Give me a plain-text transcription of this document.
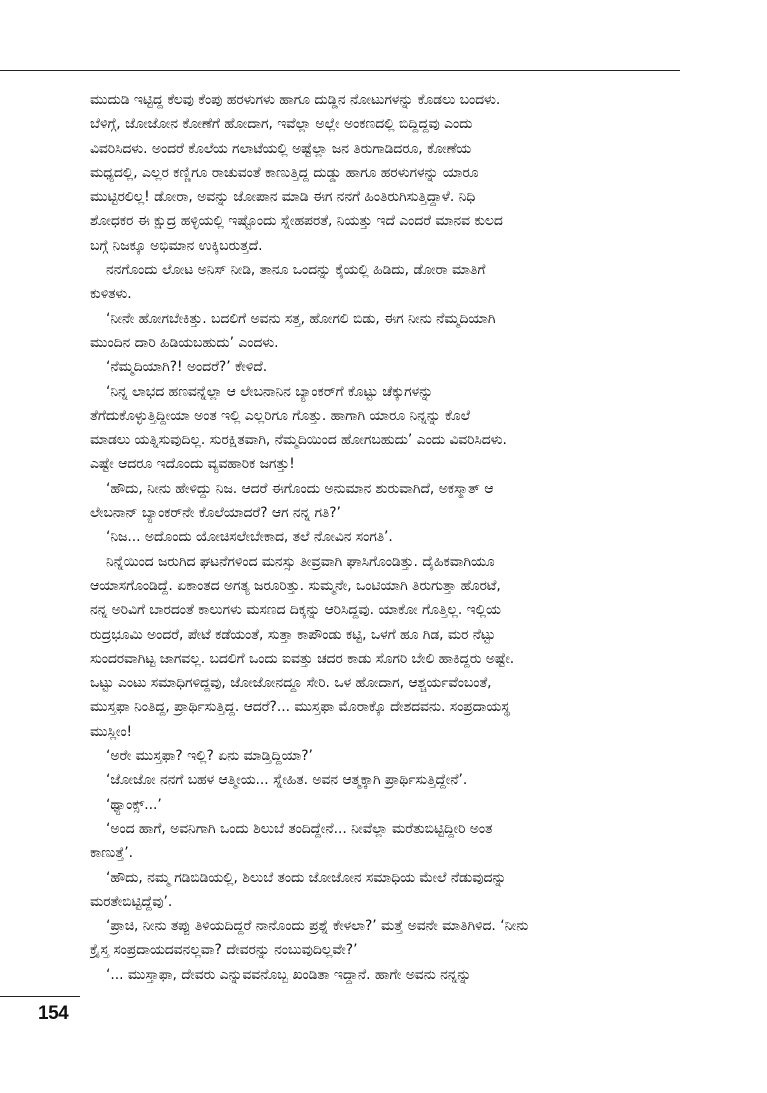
ಮುದುಡಿ ಇಟ್ಟಿದ್ದ ಕೆಲವು ಕೆಂಪು ಹರಳುಗಳು ಹಾಗೂ ದುಡ್ಡಿನ ನೋಟುಗಳನ್ನು ಕೊಡಲು ಬಂದಳು.
ಬೆಳಿಗ್ಗೆ, ಜೋಜೋನ ಕೋಣೆಗೆ ಹೋದಾಗ, ಇವೆಲ್ಲಾ ಅಲ್ಲೇ ಅಂಕಣದಲ್ಲಿ ಬಿದ್ದಿದ್ದವು ಎಂದು
ವಿವರಿಸಿದಳು. ಅಂದರೆ ಕೊಲೆಯ ಗಲಾಟೆಯಲ್ಲಿ ಅಷ್ಟೆಲ್ಲಾ ಜನ ತಿರುಗಾಡಿದರೂ, ಕೋಣೆಯ
ಮಧ್ಯದಲ್ಲಿ, ಎಲ್ಲರ ಕಣ್ಣಿಗೂ ರಾಚುವಂತೆ ಕಾಣುತ್ತಿದ್ದ ದುಡ್ಡು ಹಾಗೂ ಹರಳುಗಳನ್ನು ಯಾರೂ
ಮುಟ್ಟಿರಲಿಲ್ಲ! ಡೋರಾ, ಅವನ್ನು ಜೋಪಾನ ಮಾಡಿ ಈಗ ನನಗೆ ಹಿಂತಿರುಗಿಸುತ್ತಿದ್ದಾಳೆ. ನಿಧಿ
ಶೋಧಕರ ಈ ಕ್ಷುದ್ರ ಹಳ್ಳಿಯಲ್ಲಿ ಇಷ್ಟೊಂದು ಸ್ನೇಹಪರತೆ, ನಿಯತ್ತು ಇದೆ ಎಂದರೆ ಮಾನವ ಕುಲದ
ಬಗ್ಗೆ ನಿಜಕ್ಕೂ ಅಭಿಮಾನ ಉಕ್ಕಿಬರುತ್ತದೆ.
ನನಗೊಂದು ಲೋಟ ಅನಿಸ್ ನೀಡಿ, ತಾನೂ ಒಂದನ್ನು ಕೈಯಲ್ಲಿ ಹಿಡಿದು, ಡೋರಾ ಮಾತಿಗೆ
ಕುಳಿತಳು.
‘ನೀನೇ ಹೋಗಬೇಕಿತ್ತು. ಬದಲಿಗೆ ಅವನು ಸತ್ತ, ಹೋಗಲಿ ಬಿಡು, ಈಗ ನೀನು ನೆಮ್ಮದಿಯಾಗಿ
ಮುಂದಿನ ದಾರಿ ಹಿಡಿಯಬಹುದು’ ಎಂದಳು.
‘ನೆಮ್ಮದಿಯಾಗಿ?! ಅಂದರೆ?’ ಕೇಳಿದೆ.
‘ನಿನ್ನ ಲಾಭದ ಹಣವನ್ನೆಲ್ಲಾ ಆ ಲೇಬನಾನಿನ ಬ್ಯಾಂಕರ್‌ಗೆ ಕೊಟ್ಟು ಚೆಕ್ಕುಗಳನ್ನು
ತೆಗೆದುಕೊಳ್ಳುತ್ತಿದ್ದೀಯಾ ಅಂತ ಇಲ್ಲಿ ಎಲ್ಲರಿಗೂ ಗೊತ್ತು. ಹಾಗಾಗಿ ಯಾರೂ ನಿನ್ನನ್ನು ಕೊಲೆ
ಮಾಡಲು ಯತ್ನಿಸುವುದಿಲ್ಲ. ಸುರಕ್ಷಿತವಾಗಿ, ನೆಮ್ಮದಿಯಿಂದ ಹೋಗಬಹುದು’ ಎಂದು ವಿವರಿಸಿದಳು.
ಎಷ್ಟೇ ಆದರೂ ಇದೊಂದು ವ್ಯವಹಾರಿಕ ಜಗತ್ತು!
‘ಹೌದು, ನೀನು ಹೇಳಿದ್ದು ನಿಜ. ಆದರೆ ಈಗೊಂದು ಅನುಮಾನ ಶುರುವಾಗಿದೆ, ಅಕಸ್ಮಾತ್ ಆ
ಲೇಬನಾನ್ ಬ್ಯಾಂಕರ್‌ನೇ ಕೊಲೆಯಾದರೆ? ಆಗ ನನ್ನ ಗತಿ?’
‘ನಿಜ... ಅದೊಂದು ಯೋಚಿಸಲೇಬೇಕಾದ, ತಲೆ ನೋವಿನ ಸಂಗತಿ’.
ನಿನ್ನೆಯಿಂದ ಜರುಗಿದ ಘಟನೆಗಳಿಂದ ಮನಸ್ಸು ತೀವ್ರವಾಗಿ ಘಾಸಿಗೊಂಡಿತ್ತು. ದೈಹಿಕವಾಗಿಯೂ
ಆಯಾಸಗೊಂಡಿದ್ದೆ. ಏಕಾಂತದ ಅಗತ್ಯ ಜರೂರಿತ್ತು. ಸುಮ್ಮನೇ, ಒಂಟಿಯಾಗಿ ತಿರುಗುತ್ತಾ ಹೊರಟೆ,
ನನ್ನ ಅರಿವಿಗೆ ಬಾರದಂತೆ ಕಾಲುಗಳು ಮಸಣದ ದಿಕ್ಕನ್ನು ಆರಿಸಿದ್ದವು. ಯಾಕೋ ಗೊತ್ತಿಲ್ಲ. ಇಲ್ಲಿಯ
ರುದ್ರಭೂಮಿ ಅಂದರೆ, ಪೇಟೆ ಕಡೆಯಂತೆ, ಸುತ್ತಾ ಕಾಪೌಂಡು ಕಟ್ಟಿ, ಒಳಗೆ ಹೂ ಗಿಡ, ಮರ ನೆಟ್ಟು
ಸುಂದರವಾಗಿಟ್ಟ ಜಾಗವಲ್ಲ. ಬದಲಿಗೆ ಒಂದು ಐವತ್ತು ಚದರ ಕಾಡು ಸೊಗರಿ ಬೇಲಿ ಹಾಕಿದ್ದರು ಅಷ್ಟೇ.
ಒಟ್ಟು ಎಂಟು ಸಮಾಧಿಗಳಿದ್ದವು, ಜೋಜೋನದ್ದೂ ಸೇರಿ. ಒಳ ಹೋದಾಗ, ಆಶ್ಚರ್ಯವೆಂಬಂತೆ,
ಮುಸ್ತಫಾ ನಿಂತಿದ್ದ, ಪ್ರಾರ್ಥಿಸುತ್ತಿದ್ದ. ಆದರೆ?... ಮುಸ್ತಫಾ ಮೊರಾಕ್ಕೊ ದೇಶದವನು. ಸಂಪ್ರದಾಯಸ್ಥ
ಮುಸ್ಲೀಂ!
‘ಅರೇ ಮುಸ್ತಫಾ? ಇಲ್ಲಿ? ಏನು ಮಾಡ್ತಿದ್ದಿಯಾ?’
‘ಜೋಜೋ ನನಗೆ ಬಹಳ ಆತ್ಮೀಯ... ಸ್ನೇಹಿತ. ಅವನ ಆತ್ಮಕ್ಕಾಗಿ ಪ್ರಾರ್ಥಿಸುತ್ತಿದ್ದೇನೆ’.
‘ಥ್ಯಾಂಕ್ಸ್...’
‘ಅಂದ ಹಾಗೆ, ಅವನಿಗಾಗಿ ಒಂದು ಶಿಲುಬೆ ತಂದಿದ್ದೇನೆ... ನೀವೆಲ್ಲಾ ಮರೆತುಬಿಟ್ಟಿದ್ದೀರಿ ಅಂತ
ಕಾಣುತ್ತೆ’.
‘ಹೌದು, ನಮ್ಮ ಗಡಿಬಿಡಿಯಲ್ಲಿ, ಶಿಲುಬೆ ತಂದು ಜೋಜೋನ ಸಮಾಧಿಯ ಮೇಲೆ ನೆಡುವುದನ್ನು
ಮರತೇಬಿಟ್ಟಿದ್ದೆವು’.
‘ಪ್ರಾಚಿ, ನೀನು ತಪ್ಪು ತಿಳಿಯದಿದ್ದರೆ ನಾನೊಂದು ಪ್ರಶ್ನೆ ಕೇಳಲಾ?’ ಮತ್ತೆ ಅವನೇ ಮಾತಿಗಿಳಿದ. ‘ನೀನು
ಕ್ರೈಸ್ತ ಸಂಪ್ರದಾಯದವನಲ್ಲವಾ? ದೇವರನ್ನು ನಂಬುವುದಿಲ್ಲವೇ?’
‘... ಮುಸ್ತಾಫಾ, ದೇವರು ಎನ್ನುವವನೊಬ್ಬ ಖಂಡಿತಾ ಇದ್ದಾನೆ. ಹಾಗೇ ಅವನು ನನ್ನನ್ನು
154
